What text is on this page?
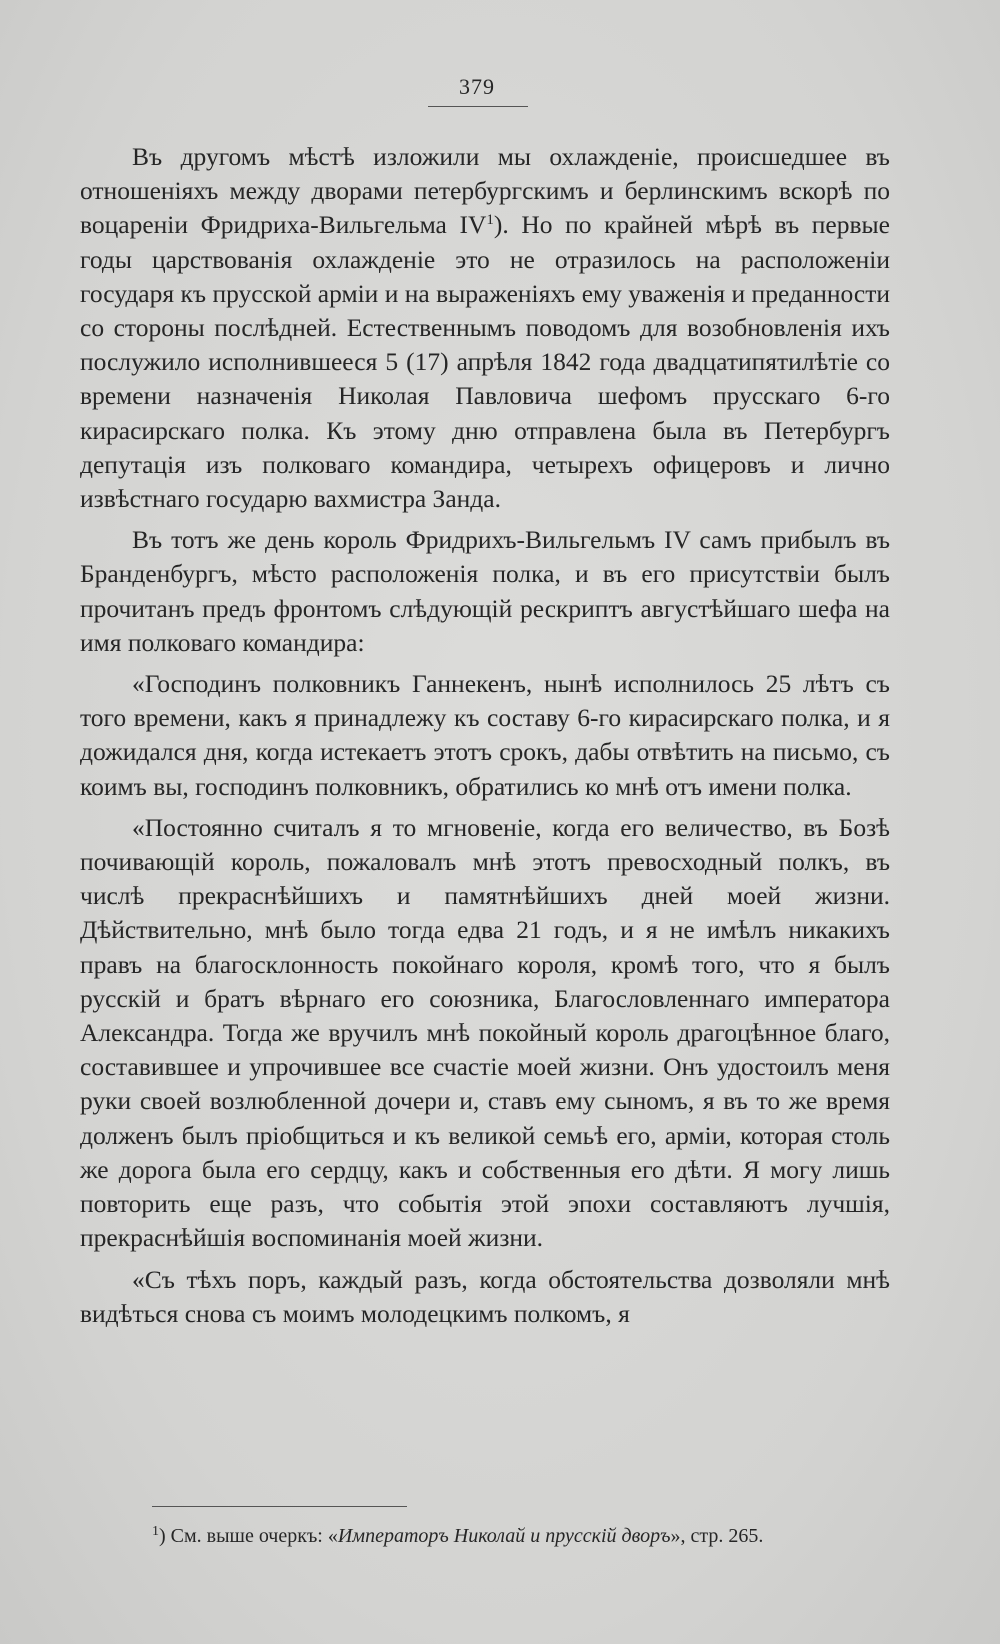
379

Въ другомъ мѣстѣ изложили мы охлажденіе, происшедшее въ отношеніяхъ между дворами петербургскимъ и берлинскимъ вскорѣ по воцареніи Фридриха-Вильгельма $IV^1$). Но по крайней мѣрѣ въ первые годы царствованія охлажденіе это не отразилось на расположеніи государя къ прусской арміи и на выраженіяхъ ему уваженія и преданности со стороны послѣдней. Естественнымъ поводомъ для возобновленія ихъ послужило исполнившееся 5 (17) апрѣля 1842 года двадцатипятилѣтіе со времени назначенія Николая Павловича шефомъ прусскаго 6-го кирасирскаго полка. Къ этому дню отправлена была въ Петербургъ депутація изъ полковаго командира, четырехъ офицеровъ и лично извѣстнаго государю вахмистра Занда.

Въ тотъ же день король Фридрихъ-Вильгельмъ IV самъ прибылъ въ Бранденбургъ, мѣсто расположенія полка, и въ его присутствіи былъ прочитанъ предъ фронтомъ слѣдующій рескриптъ августѣйшаго шефа на имя полковаго командира:

«Господинъ полковникъ Ганнекенъ, нынѣ исполнилось 25 лѣтъ съ того времени, какъ я принадлежу къ составу 6-го кирасирскаго полка, и я дожидался дня, когда истекаетъ этотъ срокъ, дабы отвѣтить на письмо, съ коимъ вы, господинъ полковникъ, обратились ко мнѣ отъ имени полка.

«Постоянно считалъ я то мгновеніе, когда его величество, въ Бозѣ почивающій король, пожаловалъ мнѣ этотъ превосходный полкъ, въ числѣ прекраснѣйшихъ и памятнѣйшихъ дней моей жизни. Дѣйствительно, мнѣ было тогда едва 21 годъ, и я не имѣлъ никакихъ правъ на благосклонность покойнаго короля, кромѣ того, что я былъ русскій и братъ вѣрнаго его союзника, Благословленнаго императора Александра. Тогда же вручилъ мнѣ покойный король драгоцѣнное благо, составившее и упрочившее все счастіе моей жизни. Онъ удостоилъ меня руки своей возлюбленной дочери и, ставъ ему сыномъ, я въ то же время долженъ былъ пріобщиться и къ великой семьѣ его, арміи, которая столь же дорога была его сердцу, какъ и собственныя его дѣти. Я могу лишь повторить еще разъ, что событія этой эпохи составляютъ лучшія, прекраснѣйшія воспоминанія моей жизни.

«Съ тѣхъ поръ, каждый разъ, когда обстоятельства дозволяли мнѣ видѣться снова съ моимъ молодецкимъ полкомъ, я

$^1$) См. выше очеркъ: «Императоръ Николай и прусскій дворъ», стр. 265.
